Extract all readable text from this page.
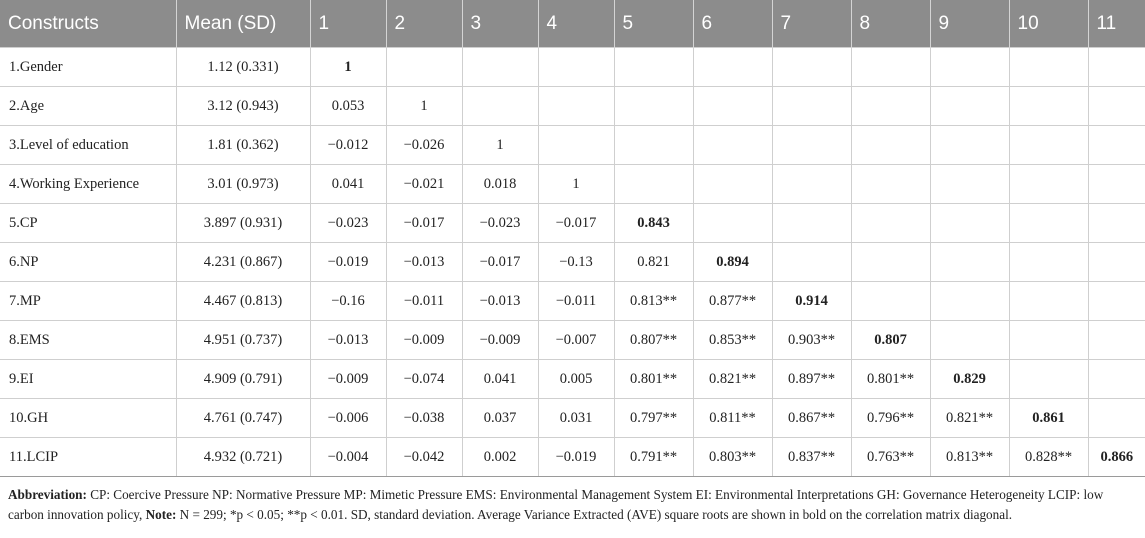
Constructs	Mean (SD)	1	2	3	4	5	6	7	8	9	10	11
1.Gender	1.12 (0.331)	1										
2.Age	3.12 (0.943)	0.053	1									
3.Level of education	1.81 (0.362)	−0.012	−0.026	1								
4.Working Experience	3.01 (0.973)	0.041	−0.021	0.018	1							
5.CP	3.897 (0.931)	−0.023	−0.017	−0.023	−0.017	0.843						
6.NP	4.231 (0.867)	−0.019	−0.013	−0.017	−0.13	0.821	0.894					
7.MP	4.467 (0.813)	−0.16	−0.011	−0.013	−0.011	0.813**	0.877**	0.914				
8.EMS	4.951 (0.737)	−0.013	−0.009	−0.009	−0.007	0.807**	0.853**	0.903**	0.807			
9.EI	4.909 (0.791)	−0.009	−0.074	0.041	0.005	0.801**	0.821**	0.897**	0.801**	0.829		
10.GH	4.761 (0.747)	−0.006	−0.038	0.037	0.031	0.797**	0.811**	0.867**	0.796**	0.821**	0.861	
11.LCIP	4.932 (0.721)	−0.004	−0.042	0.002	−0.019	0.791**	0.803**	0.837**	0.763**	0.813**	0.828**	0.866
Abbreviation: CP: Coercive Pressure NP: Normative Pressure MP: Mimetic Pressure EMS: Environmental Management System EI: Environmental Interpretations GH: Governance Heterogeneity LCIP: low carbon innovation policy, Note: N = 299; *p < 0.05; **p < 0.01. SD, standard deviation. Average Variance Extracted (AVE) square roots are shown in bold on the correlation matrix diagonal.
